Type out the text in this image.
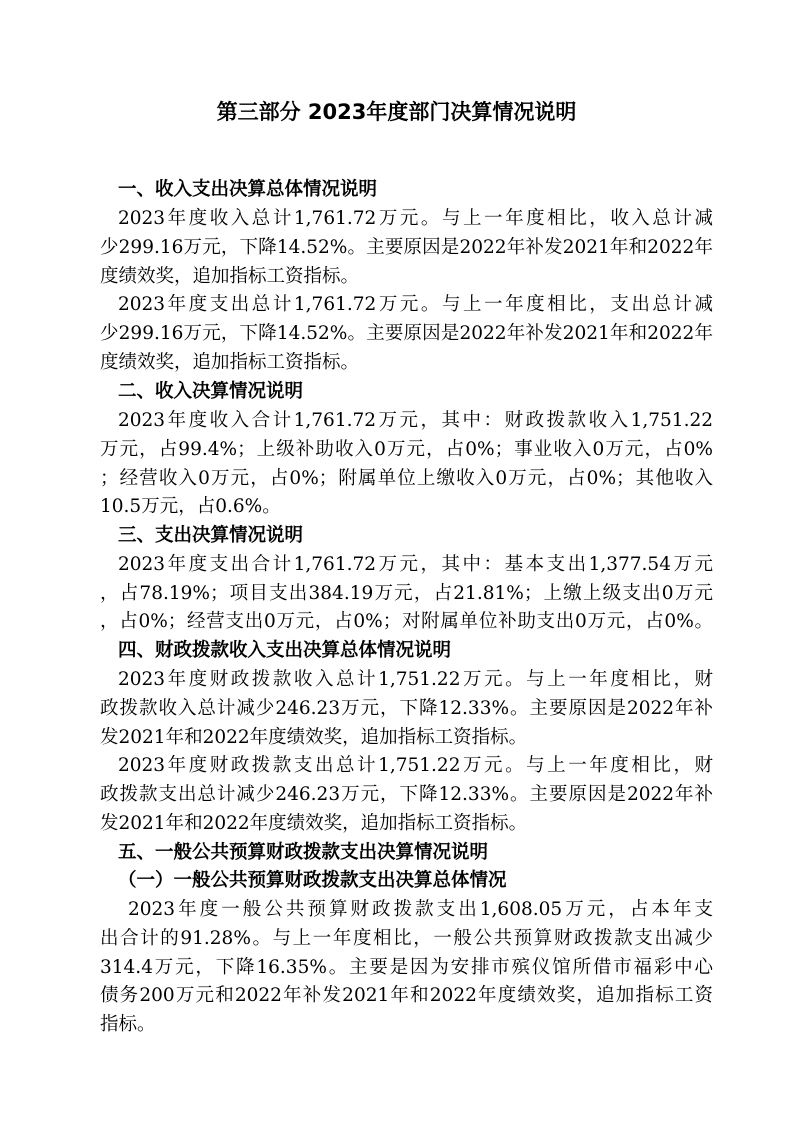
第三部分 2023年度部门决算情况说明
一、收入支出决算总体情况说明
2023年度收入总计1,761.72万元。与上一年度相比，收入总计减
少299.16万元，下降14.52%。主要原因是2022年补发2021年和2022年
度绩效奖，追加指标工资指标。
2023年度支出总计1,761.72万元。与上一年度相比，支出总计减
少299.16万元，下降14.52%。主要原因是2022年补发2021年和2022年
度绩效奖，追加指标工资指标。
二、收入决算情况说明
2023年度收入合计1,761.72万元，其中：财政拨款收入1,751.22
万元，占99.4%；上级补助收入0万元，占0%；事业收入0万元，占0%
；经营收入0万元，占0%；附属单位上缴收入0万元，占0%；其他收入
10.5万元，占0.6%。
三、支出决算情况说明
2023年度支出合计1,761.72万元，其中：基本支出1,377.54万元
，占78.19%；项目支出384.19万元，占21.81%；上缴上级支出0万元
，占0%；经营支出0万元，占0%；对附属单位补助支出0万元，占0%。
四、财政拨款收入支出决算总体情况说明
2023年度财政拨款收入总计1,751.22万元。与上一年度相比，财
政拨款收入总计减少246.23万元，下降12.33%。主要原因是2022年补
发2021年和2022年度绩效奖，追加指标工资指标。
2023年度财政拨款支出总计1,751.22万元。与上一年度相比，财
政拨款支出总计减少246.23万元，下降12.33%。主要原因是2022年补
发2021年和2022年度绩效奖，追加指标工资指标。
五、一般公共预算财政拨款支出决算情况说明
（一）一般公共预算财政拨款支出决算总体情况
2023年度一般公共预算财政拨款支出1,608.05万元，占本年支
出合计的91.28%。与上一年度相比，一般公共预算财政拨款支出减少
314.4万元，下降16.35%。主要是因为安排市殡仪馆所借市福彩中心
债务200万元和2022年补发2021年和2022年度绩效奖，追加指标工资
指标。
